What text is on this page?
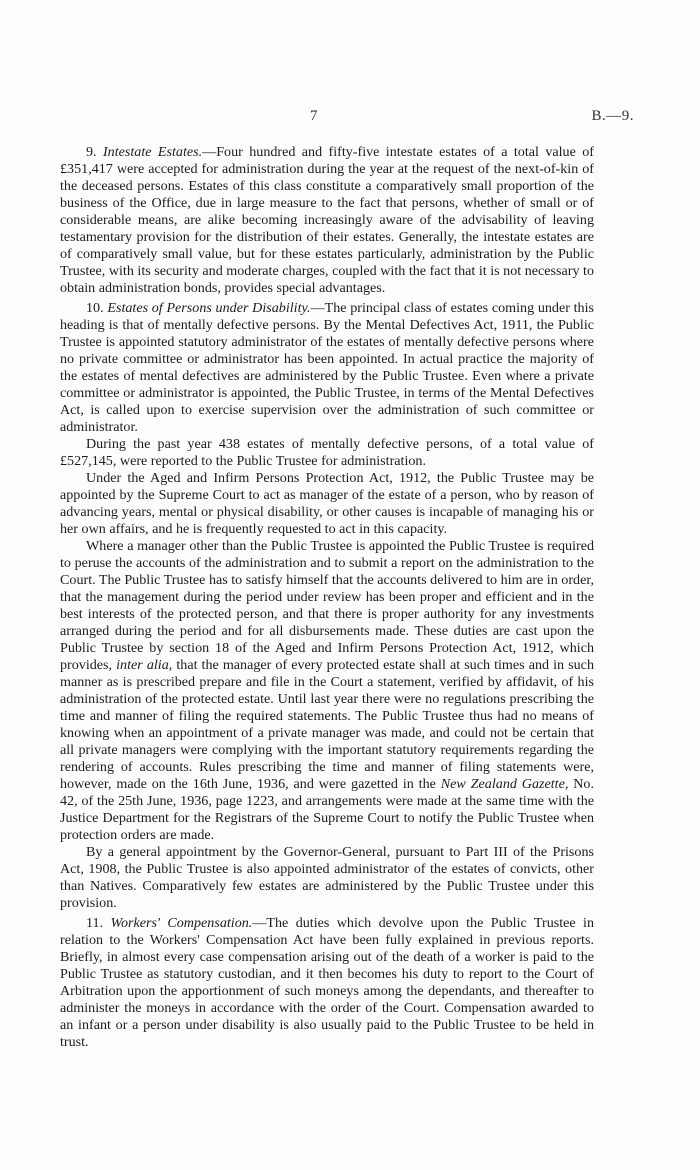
7	B.—9.

9. Intestate Estates.—Four hundred and fifty-five intestate estates of a total value of £351,417 were accepted for administration during the year at the request of the next-of-kin of the deceased persons. Estates of this class constitute a comparatively small proportion of the business of the Office, due in large measure to the fact that persons, whether of small or of considerable means, are alike becoming increasingly aware of the advisability of leaving testamentary provision for the distribution of their estates. Generally, the intestate estates are of comparatively small value, but for these estates particularly, administration by the Public Trustee, with its security and moderate charges, coupled with the fact that it is not necessary to obtain administration bonds, provides special advantages.

10. Estates of Persons under Disability.—The principal class of estates coming under this heading is that of mentally defective persons. By the Mental Defectives Act, 1911, the Public Trustee is appointed statutory administrator of the estates of mentally defective persons where no private committee or administrator has been appointed. In actual practice the majority of the estates of mental defectives are administered by the Public Trustee. Even where a private committee or administrator is appointed, the Public Trustee, in terms of the Mental Defectives Act, is called upon to exercise supervision over the administration of such committee or administrator.

During the past year 438 estates of mentally defective persons, of a total value of £527,145, were reported to the Public Trustee for administration.

Under the Aged and Infirm Persons Protection Act, 1912, the Public Trustee may be appointed by the Supreme Court to act as manager of the estate of a person, who by reason of advancing years, mental or physical disability, or other causes is incapable of managing his or her own affairs, and he is frequently requested to act in this capacity.

Where a manager other than the Public Trustee is appointed the Public Trustee is required to peruse the accounts of the administration and to submit a report on the administration to the Court. The Public Trustee has to satisfy himself that the accounts delivered to him are in order, that the management during the period under review has been proper and efficient and in the best interests of the protected person, and that there is proper authority for any investments arranged during the period and for all disbursements made. These duties are cast upon the Public Trustee by section 18 of the Aged and Infirm Persons Protection Act, 1912, which provides, inter alia, that the manager of every protected estate shall at such times and in such manner as is prescribed prepare and file in the Court a statement, verified by affidavit, of his administration of the protected estate. Until last year there were no regulations prescribing the time and manner of filing the required statements. The Public Trustee thus had no means of knowing when an appointment of a private manager was made, and could not be certain that all private managers were complying with the important statutory requirements regarding the rendering of accounts. Rules prescribing the time and manner of filing statements were, however, made on the 16th June, 1936, and were gazetted in the New Zealand Gazette, No. 42, of the 25th June, 1936, page 1223, and arrangements were made at the same time with the Justice Department for the Registrars of the Supreme Court to notify the Public Trustee when protection orders are made.

By a general appointment by the Governor-General, pursuant to Part III of the Prisons Act, 1908, the Public Trustee is also appointed administrator of the estates of convicts, other than Natives. Comparatively few estates are administered by the Public Trustee under this provision.

11. Workers' Compensation.—The duties which devolve upon the Public Trustee in relation to the Workers' Compensation Act have been fully explained in previous reports. Briefly, in almost every case compensation arising out of the death of a worker is paid to the Public Trustee as statutory custodian, and it then becomes his duty to report to the Court of Arbitration upon the apportionment of such moneys among the dependants, and thereafter to administer the moneys in accordance with the order of the Court. Compensation awarded to an infant or a person under disability is also usually paid to the Public Trustee to be held in trust.
